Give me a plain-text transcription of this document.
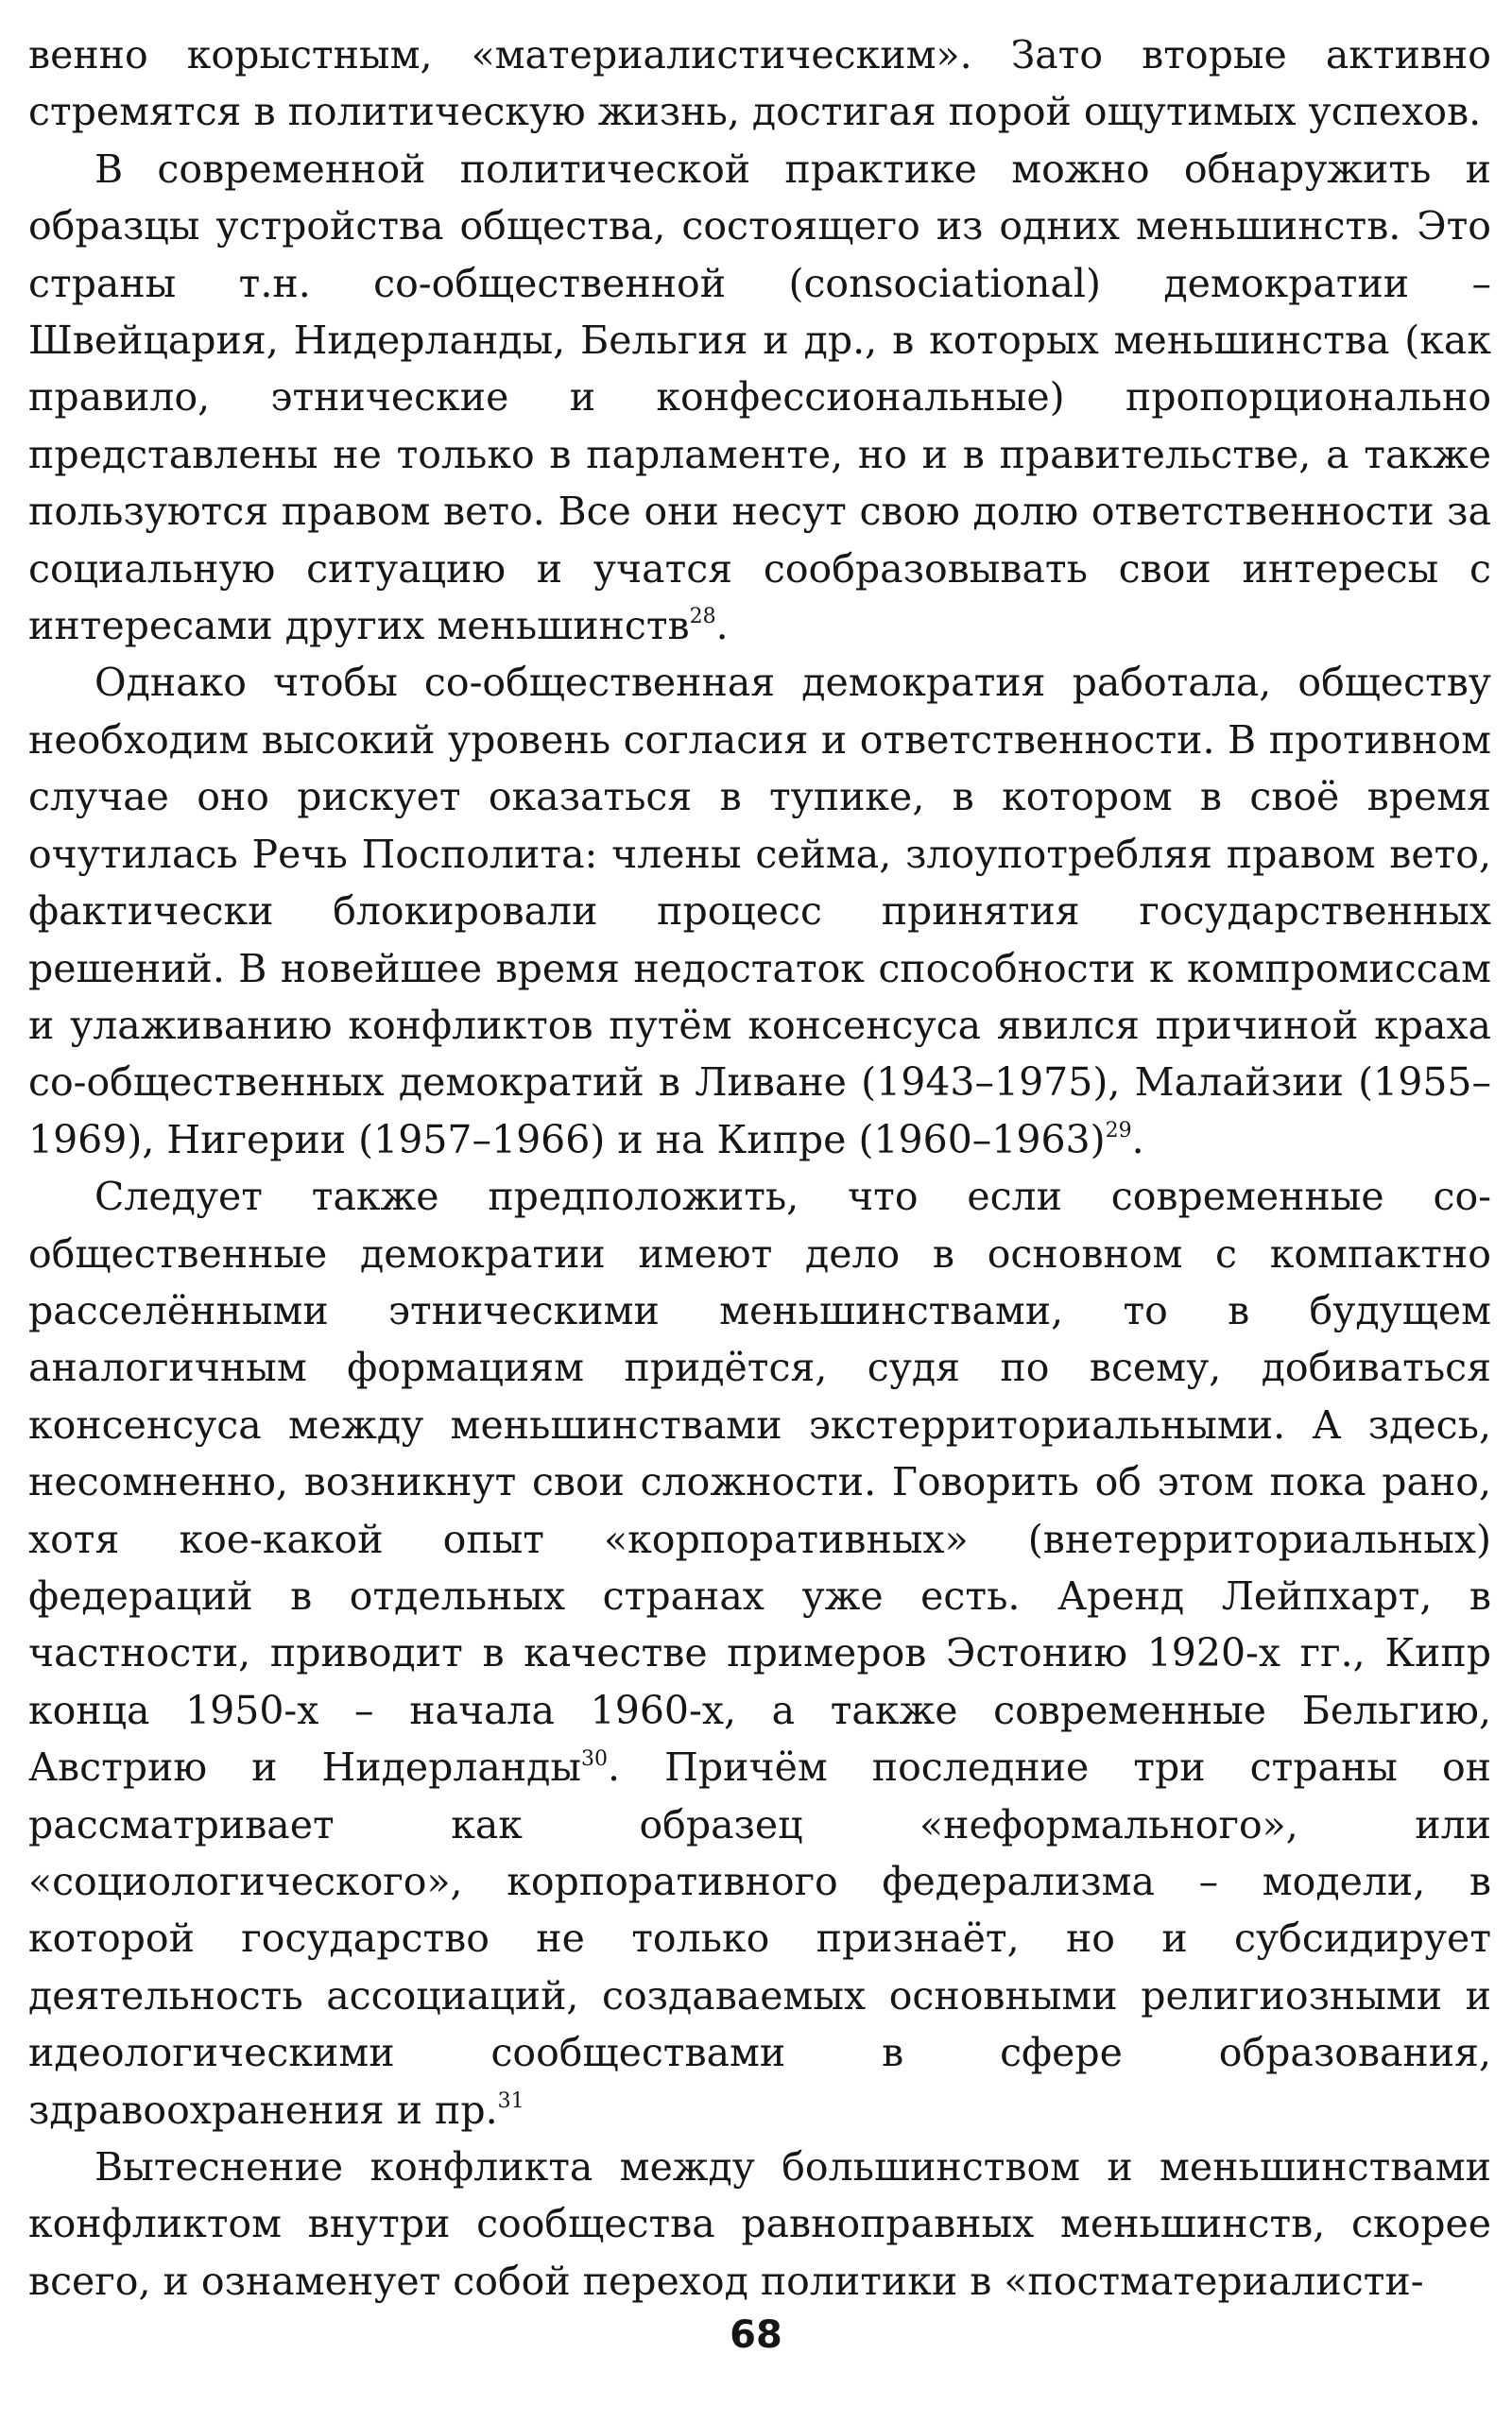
венно корыстным, «материалистическим». Зато вторые активно стремятся в политическую жизнь, достигая порой ощутимых успехов.

В современной политической практике можно обнаружить и образцы устройства общества, состоящего из одних меньшинств. Это страны т.н. со-общественной (consociational) демократии – Швейцария, Нидерланды, Бельгия и др., в которых меньшинства (как правило, этнические и конфессиональные) пропорционально представлены не только в парламенте, но и в правительстве, а также пользуются правом вето. Все они несут свою долю ответственности за социальную ситуацию и учатся сообразовывать свои интересы с интересами других меньшинств$^{28}$.

Однако чтобы со-общественная демократия работала, обществу необходим высокий уровень согласия и ответственности. В противном случае оно рискует оказаться в тупике, в котором в своё время очутилась Речь Посполита: члены сейма, злоупотребляя правом вето, фактически блокировали процесс принятия государственных решений. В новейшее время недостаток способности к компромиссам и улаживанию конфликтов путём консенсуса явился причиной краха со-общественных демократий в Ливане (1943–1975), Малайзии (1955–1969), Нигерии (1957–1966) и на Кипре (1960–1963)$^{29}$.

Следует также предположить, что если современные со-общественные демократии имеют дело в основном с компактно расселёнными этническими меньшинствами, то в будущем аналогичным формациям придётся, судя по всему, добиваться консенсуса между меньшинствами экстерриториальными. А здесь, несомненно, возникнут свои сложности. Говорить об этом пока рано, хотя кое-какой опыт «корпоративных» (внетерриториальных) федераций в отдельных странах уже есть. Аренд Лейпхарт, в частности, приводит в качестве примеров Эстонию 1920-х гг., Кипр конца 1950-х – начала 1960-х, а также современные Бельгию, Австрию и Нидерланды$^{30}$. Причём последние три страны он рассматривает как образец «неформального», или «социологического», корпоративного федерализма – модели, в которой государство не только признаёт, но и субсидирует деятельность ассоциаций, создаваемых основными религиозными и идеологическими сообществами в сфере образования, здравоохранения и пр.$^{31}$

Вытеснение конфликта между большинством и меньшинствами конфликтом внутри сообщества равноправных меньшинств, скорее всего, и ознаменует собой переход политики в «постматериалисти-

68
